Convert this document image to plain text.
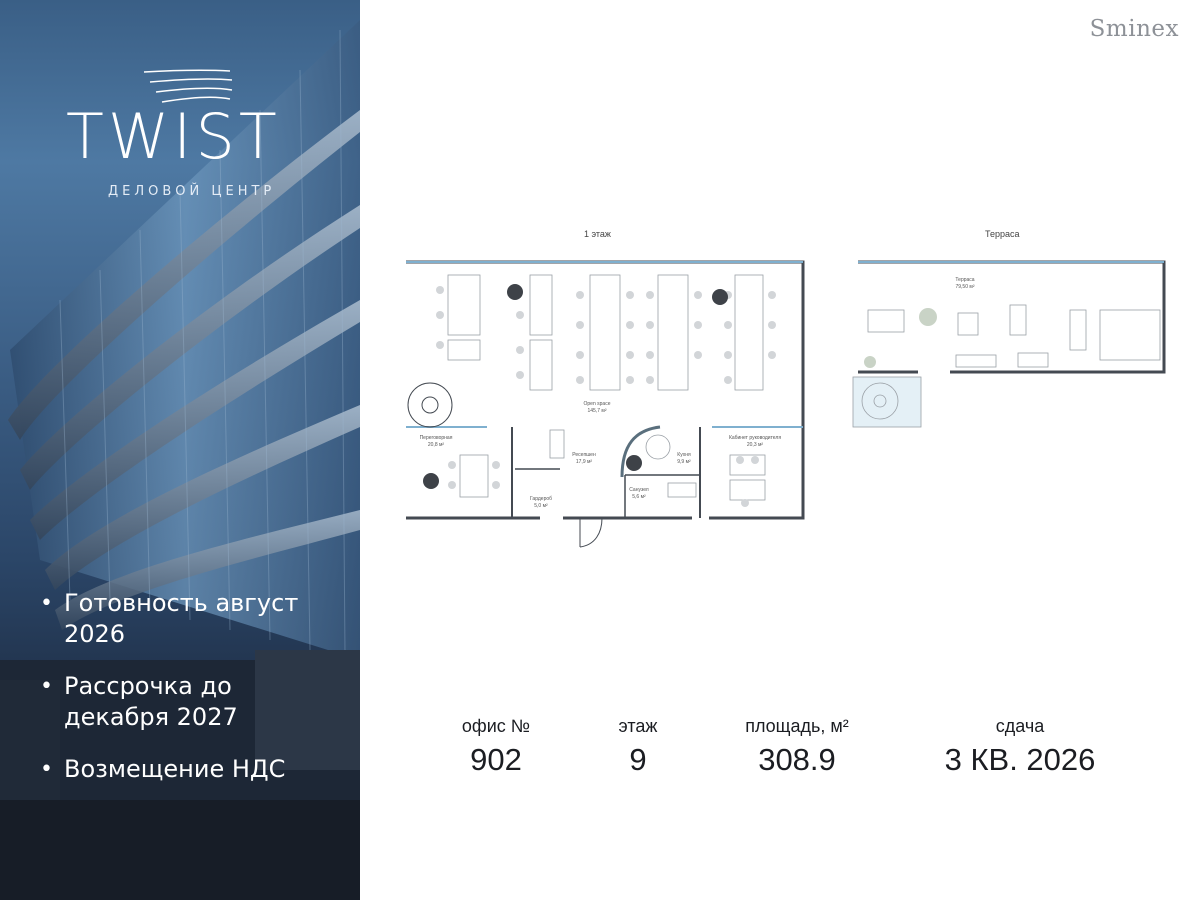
TWIST
ДЕЛОВОЙ ЦЕНТР
• Готовность август 2026
• Рассрочка до декабря 2027
• Возмещение НДС
Sminex
1 этаж	Терраса
Open space
145,7 м²
Переговорная
20,8 м²
Ресепшен
17,9 м²
Кухня
9,9 м²
Кабинет руководителя
20,3 м²
Гардероб
5,0 м²
Санузел
5,6 м²
Терраса
79,50 м²
офис №
902
этаж
9
площадь, м²
308.9
сдача
3 КВ. 2026
